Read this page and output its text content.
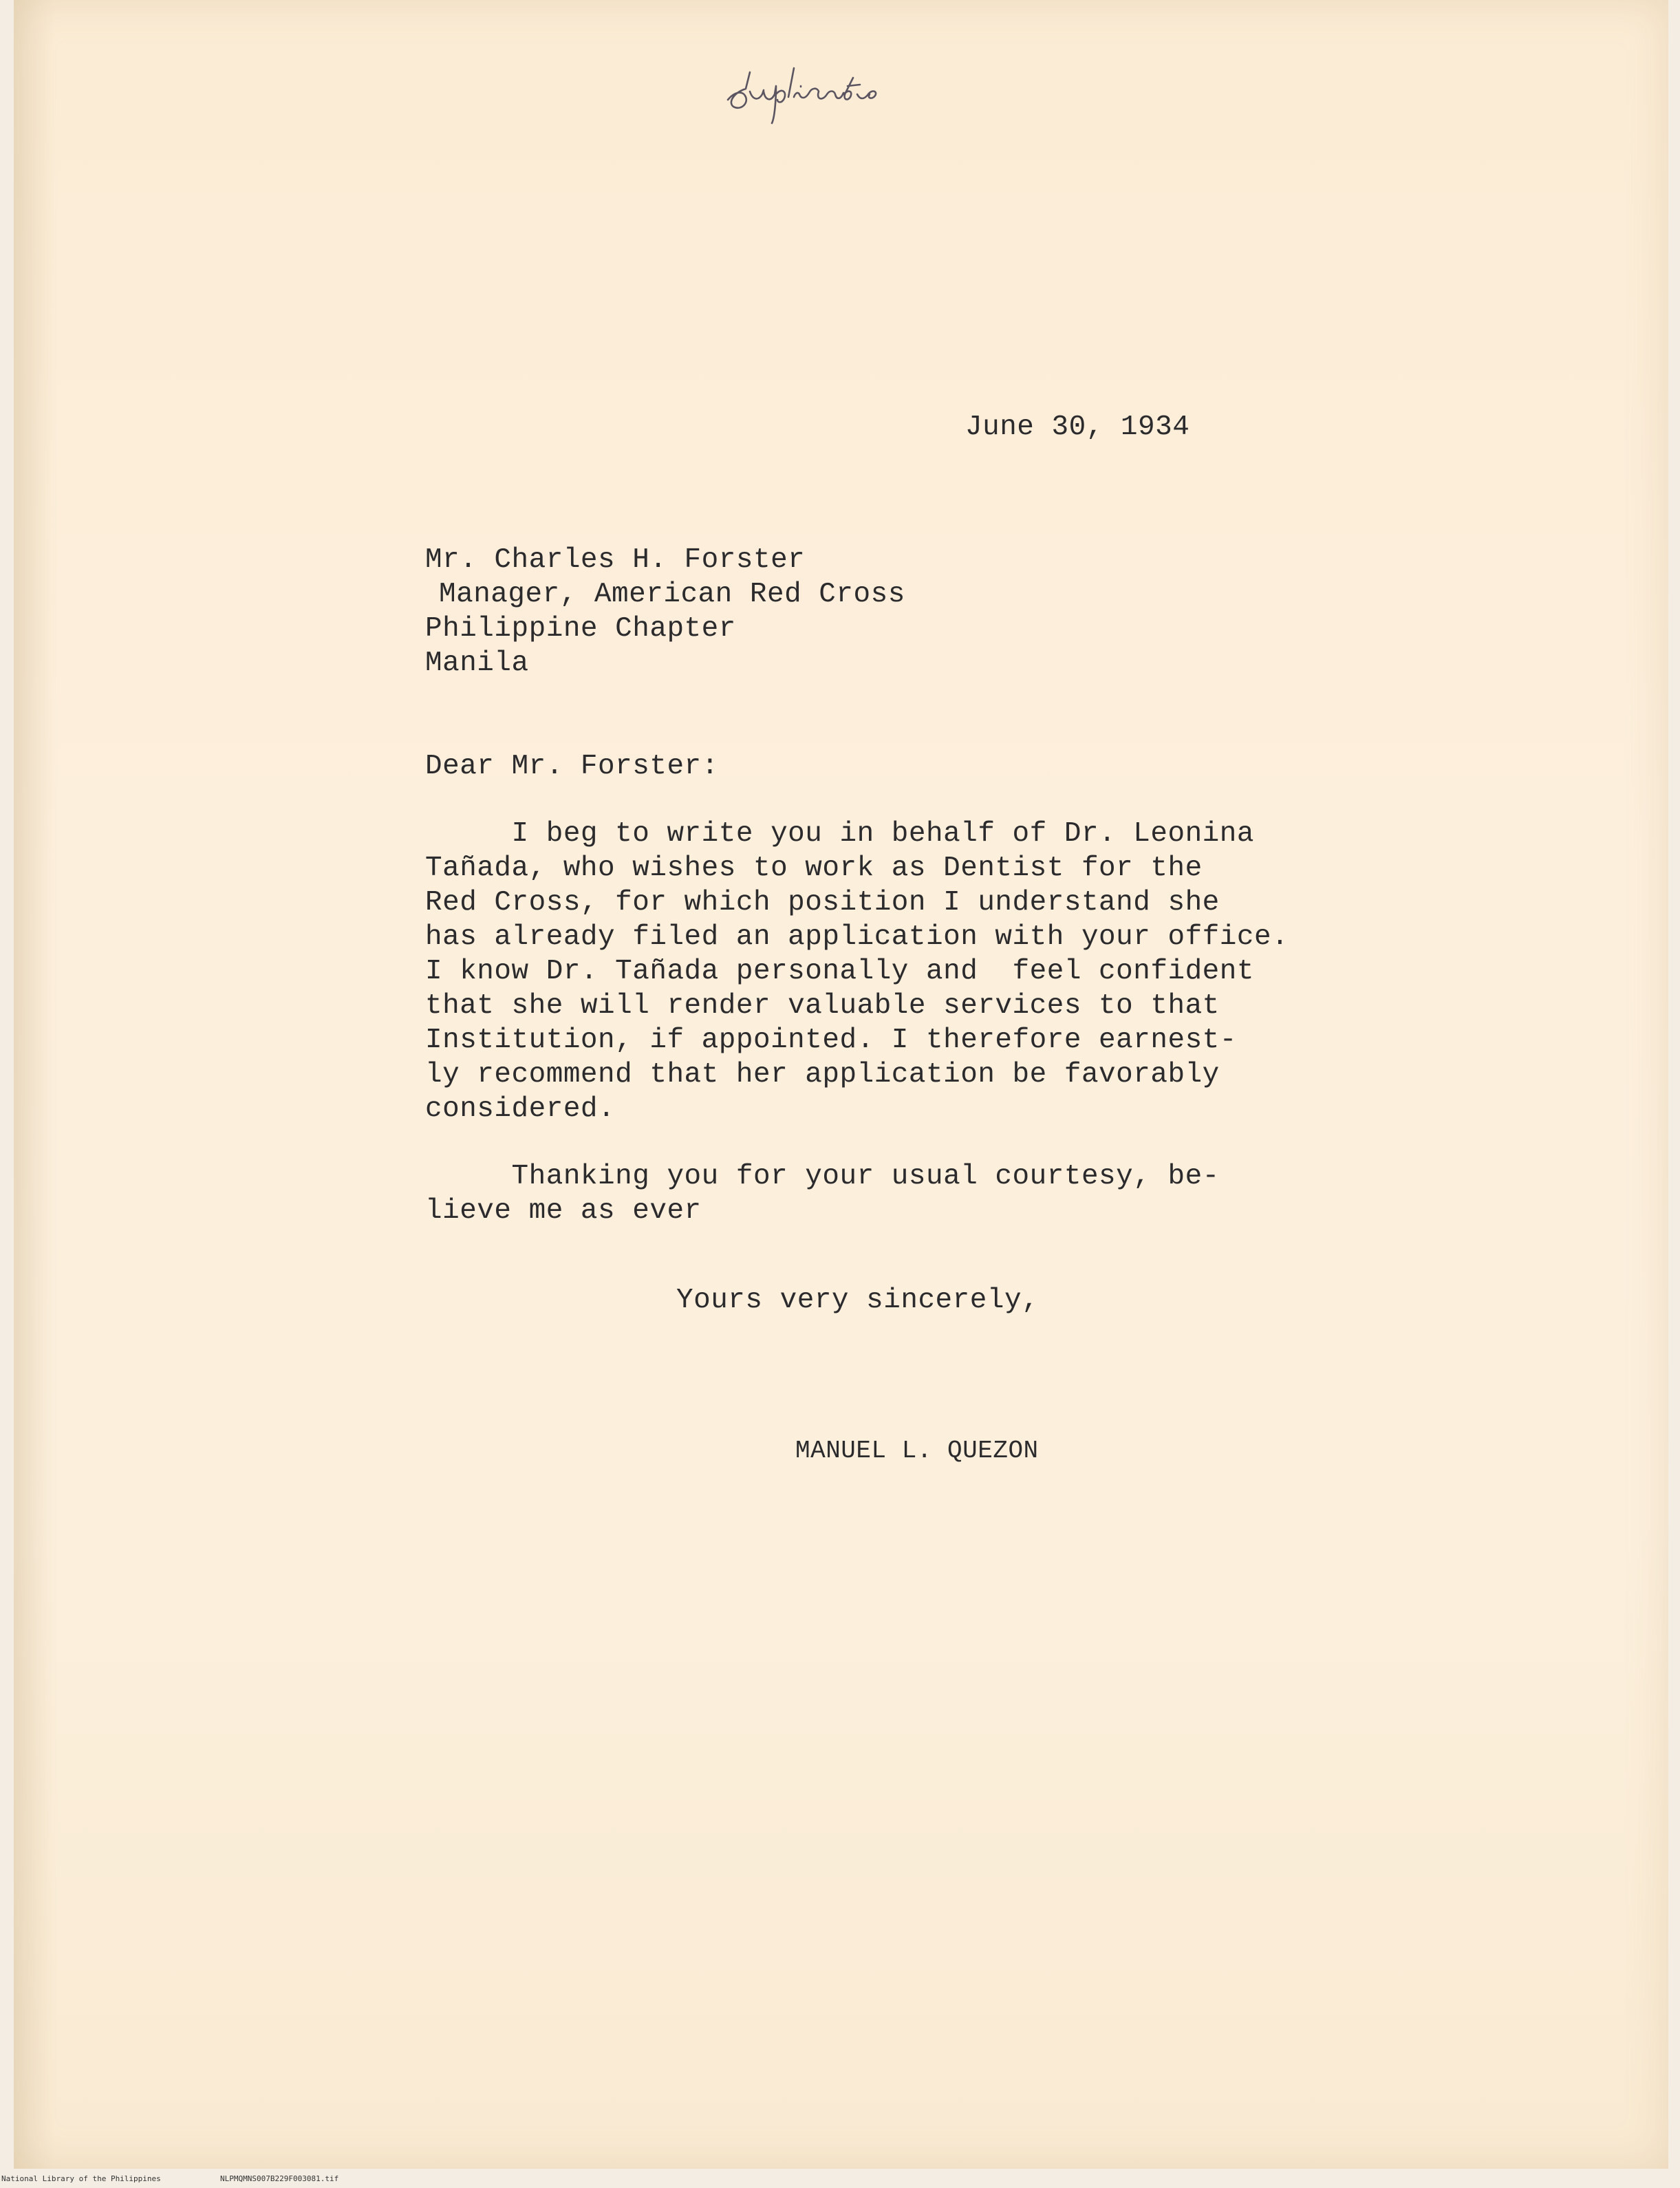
June 30, 1934
Mr. Charles H. Forster
Manager, American Red Cross
Philippine Chapter
Manila
Dear Mr. Forster:
I beg to write you in behalf of Dr. Leonina
Tañada, who wishes to work as Dentist for the
Red Cross, for which position I understand she
has already filed an application with your office.
I know Dr. Tañada personally and  feel confident
that she will render valuable services to that
Institution, if appointed. I therefore earnest-
ly recommend that her application be favorably
considered.
Thanking you for your usual courtesy, be-
lieve me as ever
Yours very sincerely,
MANUEL L. QUEZON
National Library of the Philippines	NLPMQMNS007B229F003081.tif
